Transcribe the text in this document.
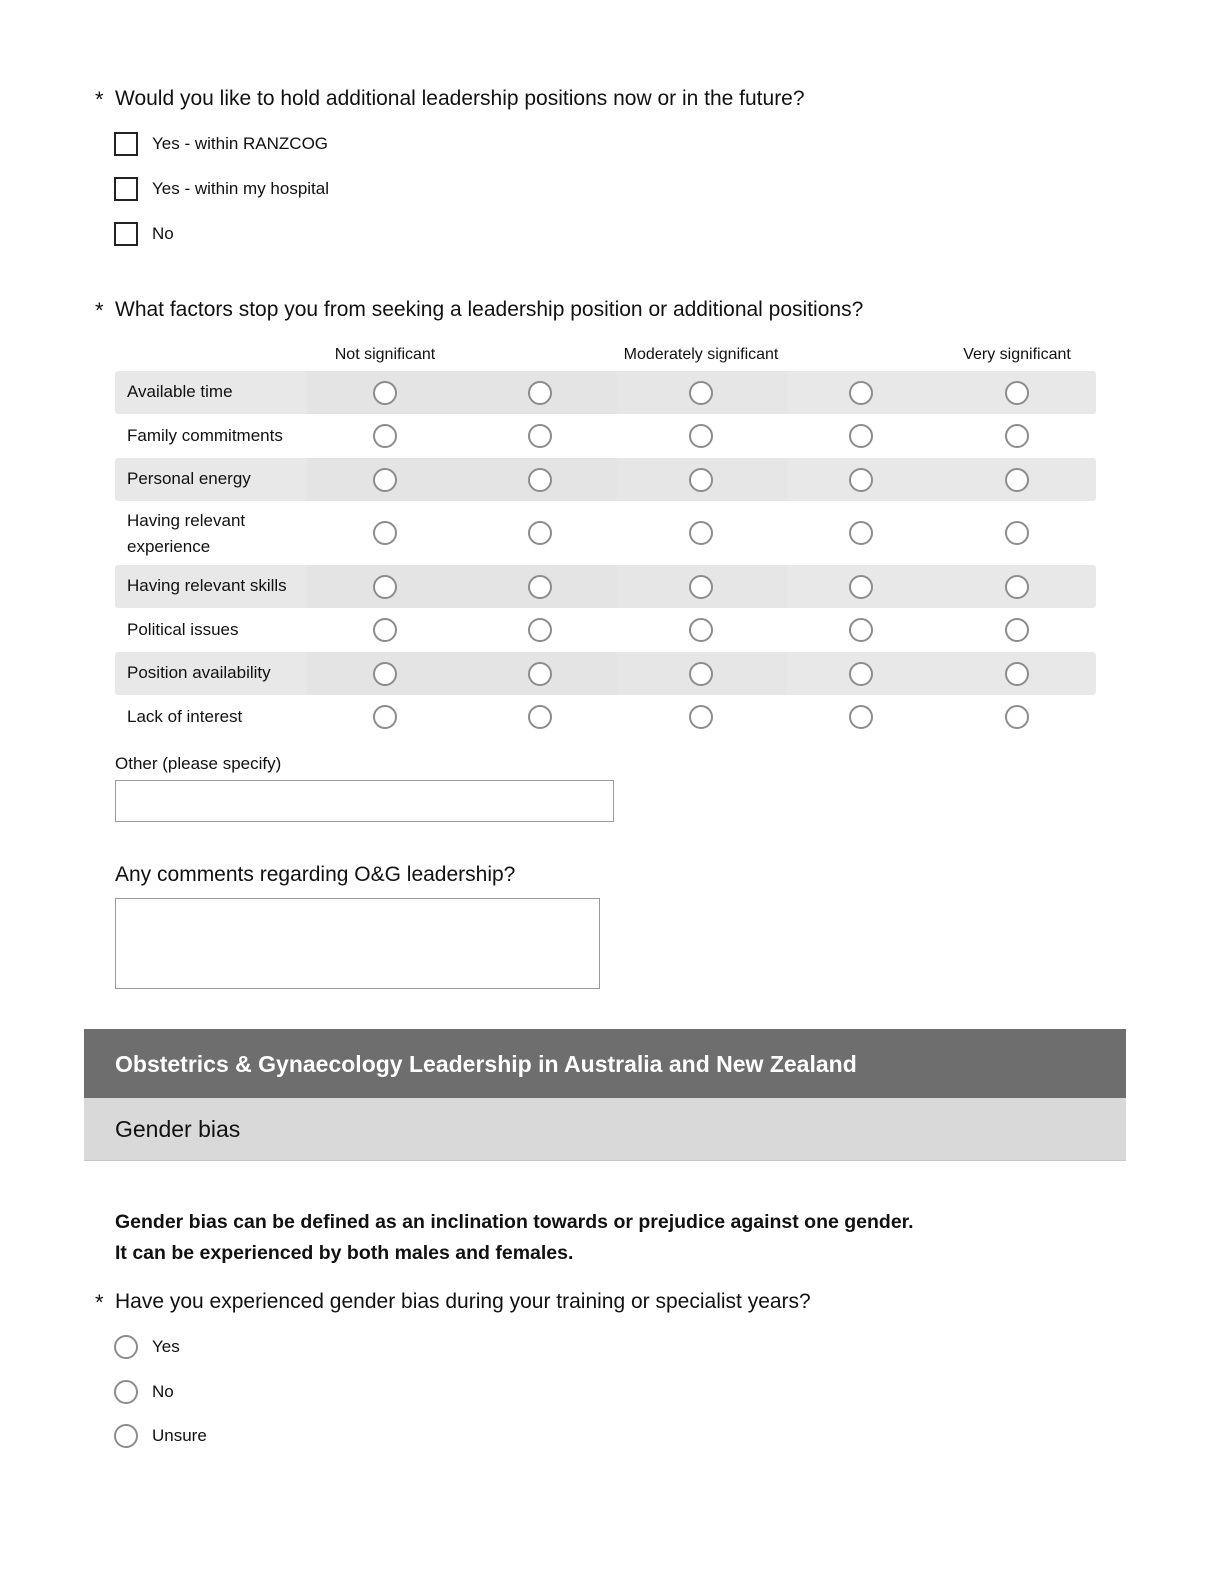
* Would you like to hold additional leadership positions now or in the future?
Yes - within RANZCOG
Yes - within my hospital
No
* What factors stop you from seeking a leadership position or additional positions?
Not significant	Moderately significant	Very significant
Available time
Family commitments
Personal energy
Having relevant
experience
Having relevant skills
Political issues
Position availability
Lack of interest
Other (please specify)
Any comments regarding O&G leadership?
Obstetrics & Gynaecology Leadership in Australia and New Zealand
Gender bias
Gender bias can be defined as an inclination towards or prejudice against one gender.
It can be experienced by both males and females.
* Have you experienced gender bias during your training or specialist years?
Yes
No
Unsure
